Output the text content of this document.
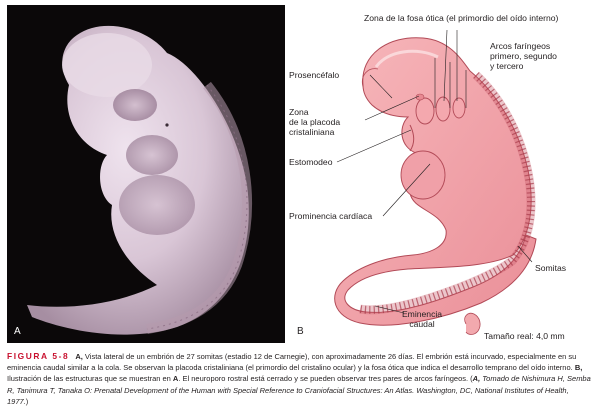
A	B
Zona de la fosa ótica (el primordio del oído interno)
Arcos faríngeos
primero, segundo
y tercero
Prosencéfalo
Zona
de la placoda
cristaliniana
Estomodeo
Prominencia cardíaca
Somitas
Eminencia
caudal
Tamaño real: 4,0 mm
FIGURA 5-8 A, Vista lateral de un embrión de 27 somitas (estadio 12 de Carnegie), con aproximadamente 26 días. El embrión está incurvado, especialmente en su eminencia caudal similar a la cola. Se observan la placoda cristaliniana (el primordio del cristalino ocular) y la fosa ótica que indica el desarrollo temprano del oído interno. B, Ilustración de las estructuras que se muestran en A. El neuroporo rostral está cerrado y se pueden observar tres pares de arcos faríngeos. (A, Tomado de Nishimura H, Semba R, Tanimura T, Tanaka O: Prenatal Development of the Human with Special Reference to Craniofacial Structures: An Atlas. Washington, DC, National Institutes of Health, 1977.)
